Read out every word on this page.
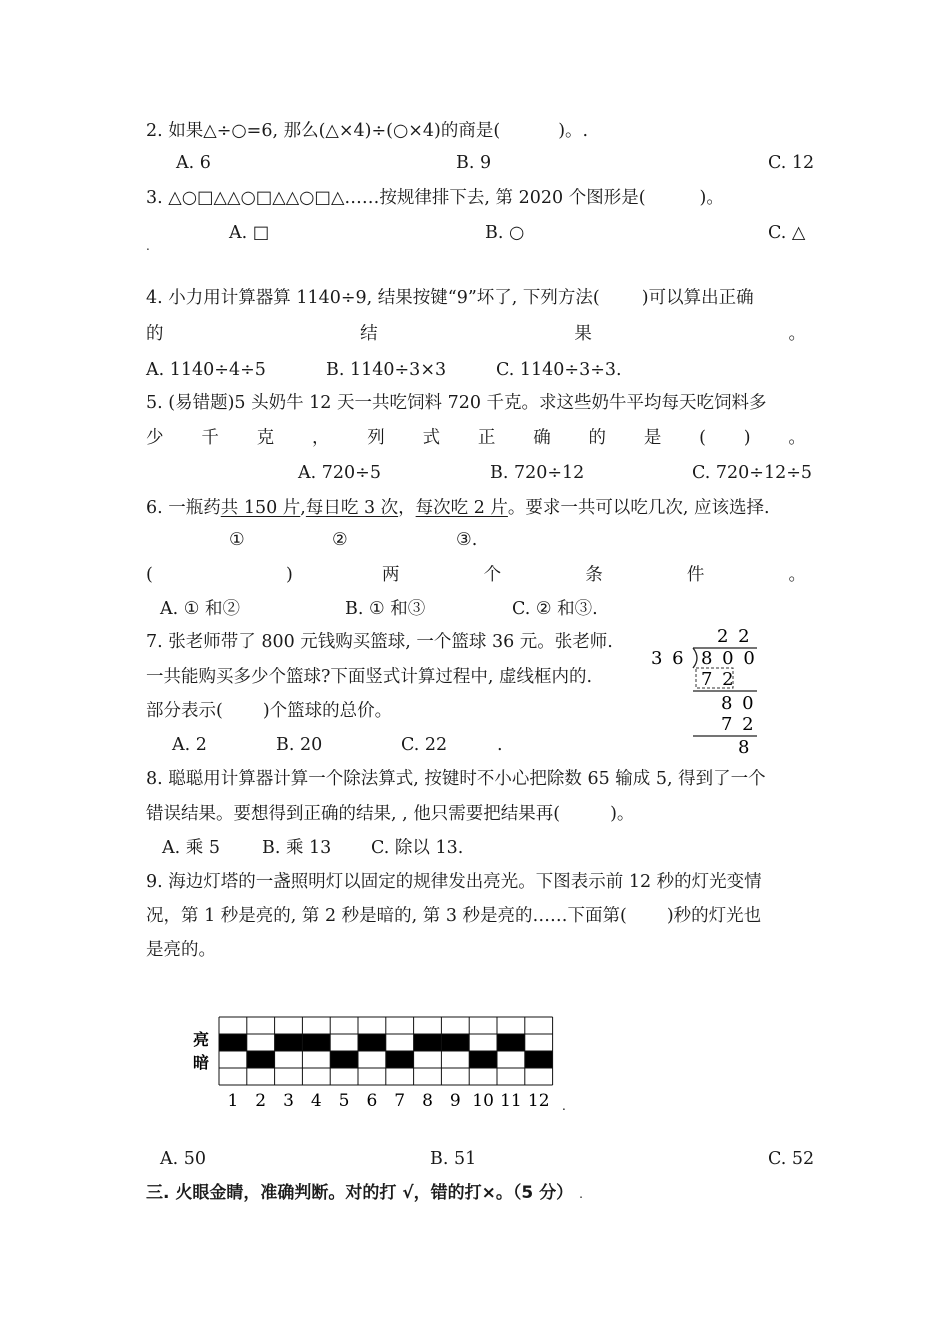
2. 如果△÷○=6, 那么(△×4)÷(○×4)的商是(	)。.
A. 6	B. 9	C. 12
3. △○□△△○□△△○□△……按规律排下去, 第 2020 个图形是(	)。
A. □	B. ○	C. △
.
4. 小力用计算器算 1140÷9, 结果按键“9”坏了, 下列方法( )可以算出正确
的	结	果	。
A. 1140÷4÷5	B. 1140÷3×3	C. 1140÷3÷3.
5. (易错题)5 头奶牛 12 天一共吃饲料 720 千克。求这些奶牛平均每天吃饲料多
少 千 克 ， 列 式 正 确 的 是 ( ) 。
A. 720÷5	B. 720÷12	C. 720÷12÷5
6. 一瓶药共 150 片,每日吃 3 次，每次吃 2 片。要求一共可以吃几次, 应该选择.
①	②	③.
(	)	两	个	条	件	。
A. ① 和②	B. ① 和③	C. ② 和③.
7. 张老师带了 800 元钱购买篮球, 一个篮球 36 元。张老师.
一共能购买多少个篮球?下面竖式计算过程中, 虚线框内的.
部分表示( )个篮球的总价。
A. 2	B. 20	C. 22	.
2 2
3 6 8 0 0
7 2
8 0
7 2
8
8. 聪聪用计算器计算一个除法算式, 按键时不小心把除数 65 输成 5, 得到了一个
错误结果。要想得到正确的结果, , 他只需要把结果再(	)。
A. 乘 5 B. 乘 13 C. 除以 13.
9. 海边灯塔的一盏照明灯以固定的规律发出亮光。下图表示前 12 秒的灯光变情
况，第 1 秒是亮的, 第 2 秒是暗的, 第 3 秒是亮的……下面第( )秒的灯光也
是亮的。
亮
暗
.
1 2 3 4 5 6 7 8 9 10 11 12
A. 50	B. 51	C. 52
三. 火眼金睛，准确判断。对的打 √，错的打×。（5 分） .
